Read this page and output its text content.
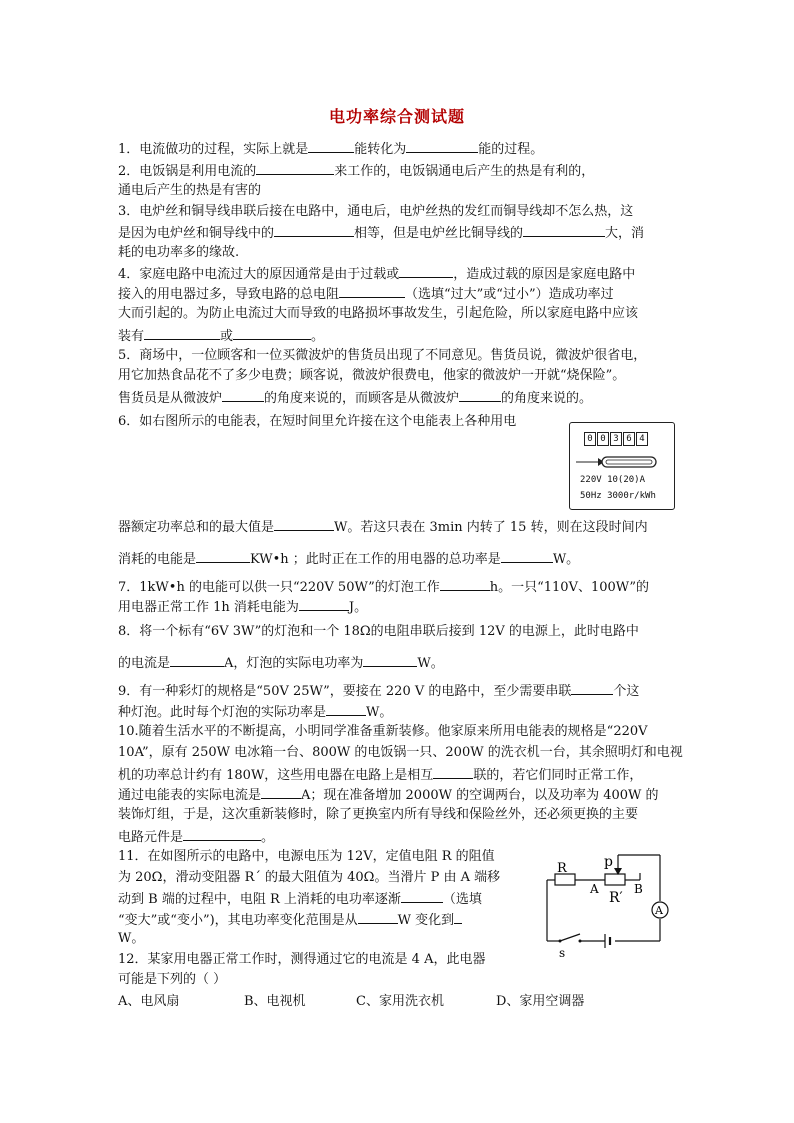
电功率综合测试题
1．电流做功的过程，实际上就是	能转化为	能的过程。
2．电饭锅是利用电流的	来工作的，电饭锅通电后产生的热是有利的，
通电后产生的热是有害的
3．电炉丝和铜导线串联后接在电路中，通电后，电炉丝热的发红而铜导线却不怎么热，这
是因为电炉丝和铜导线中的	相等，但是电炉丝比铜导线的	大，消
耗的电功率多的缘故.
4．家庭电路中电流过大的原因通常是由于过载或	，造成过载的原因是家庭电路中
接入的用电器过多，导致电路的总电阻	（选填“过大”或“过小”）造成功率过
大而引起的。为防止电流过大而导致的电路损坏事故发生，引起危险，所以家庭电路中应该
装有	或	。
5．商场中，一位顾客和一位买微波炉的售货员出现了不同意见。售货员说，微波炉很省电，
用它加热食品花不了多少电费；顾客说，微波炉很费电，他家的微波炉一开就“烧保险”。
售货员是从微波炉	的角度来说的，而顾客是从微波炉	的角度来说的。
6．如右图所示的电能表，在短时间里允许接在这个电能表上各种用电
0 0 3 6 4
220V 10(20)A
50Hz 3000r/kWh
器额定功率总和的最大值是	W。若这只表在 3min 内转了 15 转，则在这段时间内
消耗的电能是	KW•h ；此时正在工作的用电器的总功率是	W。
7．1kW•h 的电能可以供一只“220V 50W”的灯泡工作	h。一只“110V、100W”的
用电器正常工作 1h 消耗电能为	J。
8．将一个标有“6V 3W”的灯泡和一个 18Ω的电阻串联后接到 12V 的电源上，此时电路中
的电流是	A，灯泡的实际电功率为	W。
9．有一种彩灯的规格是“50V 25W”，要接在 220 V 的电路中，至少需要串联	个这
种灯泡。此时每个灯泡的实际功率是	W。
10.随着生活水平的不断提高，小明同学准备重新装修。他家原来所用电能表的规格是“220V
10A”，原有 250W 电冰箱一台、800W 的电饭锅一只、200W 的洗衣机一台，其余照明灯和电视
机的功率总计约有 180W，这些用电器在电路上是相互	联的，若它们同时正常工作，
通过电能表的实际电流是	A；现在准备增加 2000W 的空调两台，以及功率为 400W 的
装饰灯组，于是，这次重新装修时，除了更换室内所有导线和保险丝外，还必须更换的主要
电路元件是	。
11．在如图所示的电路中，电源电压为 12V，定值电阻 R 的阻值
为 20Ω，滑动变阻器 R´ 的最大阻值为 40Ω。当滑片 P 由 A 端移
动到 B 端的过程中，电阻 R 上消耗的电功率逐渐	（选填
“变大”或“变小”)，其电功率变化范围是从	W 变化到
W。
R	p
A
R′
B
A
s
12．某家用电器正常工作时，测得通过它的电流是 4 A，此电器
可能是下列的（ ）
A、电风扇	B、电视机	C、家用洗衣机	D、家用空调器
